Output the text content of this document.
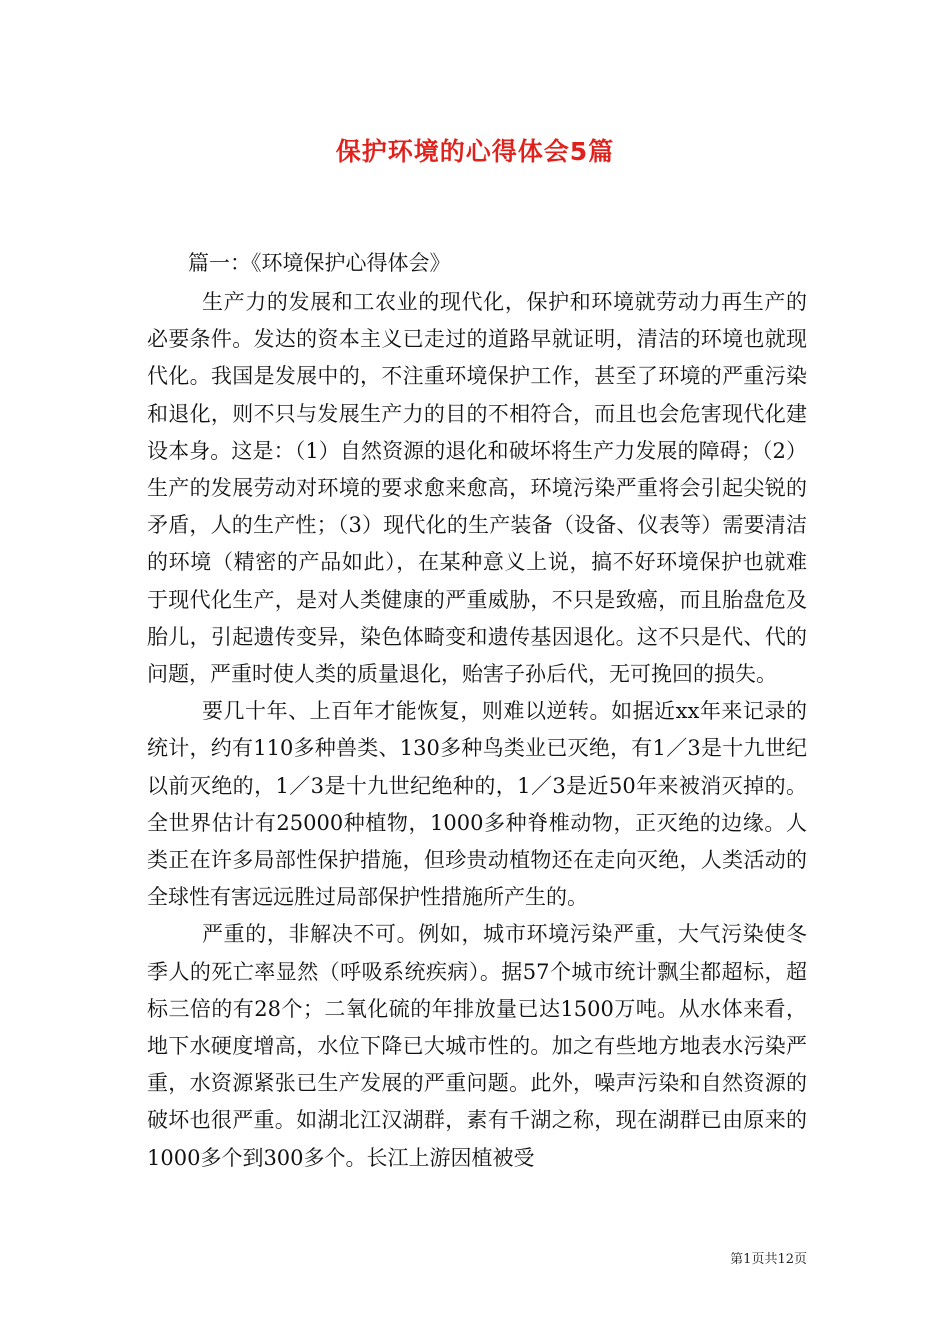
保护环境的心得体会5篇
篇一：《环境保护心得体会》

生产力的发展和工农业的现代化，保护和环境就劳动力再生产的必要条件。发达的资本主义已走过的道路早就证明，清洁的环境也就现代化。我国是发展中的，不注重环境保护工作，甚至了环境的严重污染和退化，则不只与发展生产力的目的不相符合，而且也会危害现代化建设本身。这是：（1）自然资源的退化和破坏将生产力发展的障碍；（2）生产的发展劳动对环境的要求愈来愈高，环境污染严重将会引起尖锐的矛盾，人的生产性；（3）现代化的生产装备（设备、仪表等）需要清洁的环境（精密的产品如此），在某种意义上说，搞不好环境保护也就难于现代化生产，是对人类健康的严重威胁，不只是致癌，而且胎盘危及胎儿，引起遗传变异，染色体畸变和遗传基因退化。这不只是代、代的问题，严重时使人类的质量退化，贻害子孙后代，无可挽回的损失。

要几十年、上百年才能恢复，则难以逆转。如据近xx年来记录的统计，约有110多种兽类、130多种鸟类业已灭绝，有1／3是十九世纪以前灭绝的，1／3是十九世纪绝种的，1／3是近50年来被消灭掉的。全世界估计有25000种植物，1000多种脊椎动物，正灭绝的边缘。人类正在许多局部性保护措施，但珍贵动植物还在走向灭绝，人类活动的全球性有害远远胜过局部保护性措施所产生的。

严重的，非解决不可。例如，城市环境污染严重，大气污染使冬季人的死亡率显然（呼吸系统疾病）。据57个城市统计飘尘都超标，超标三倍的有28个；二氧化硫的年排放量已达1500万吨。从水体来看，地下水硬度增高，水位下降已大城市性的。加之有些地方地表水污染严重，水资源紧张已生产发展的严重问题。此外，噪声污染和自然资源的破坏也很严重。如湖北江汉湖群，素有千湖之称，现在湖群已由原来的1000多个到300多个。长江上游因植被受

第1页共12页
